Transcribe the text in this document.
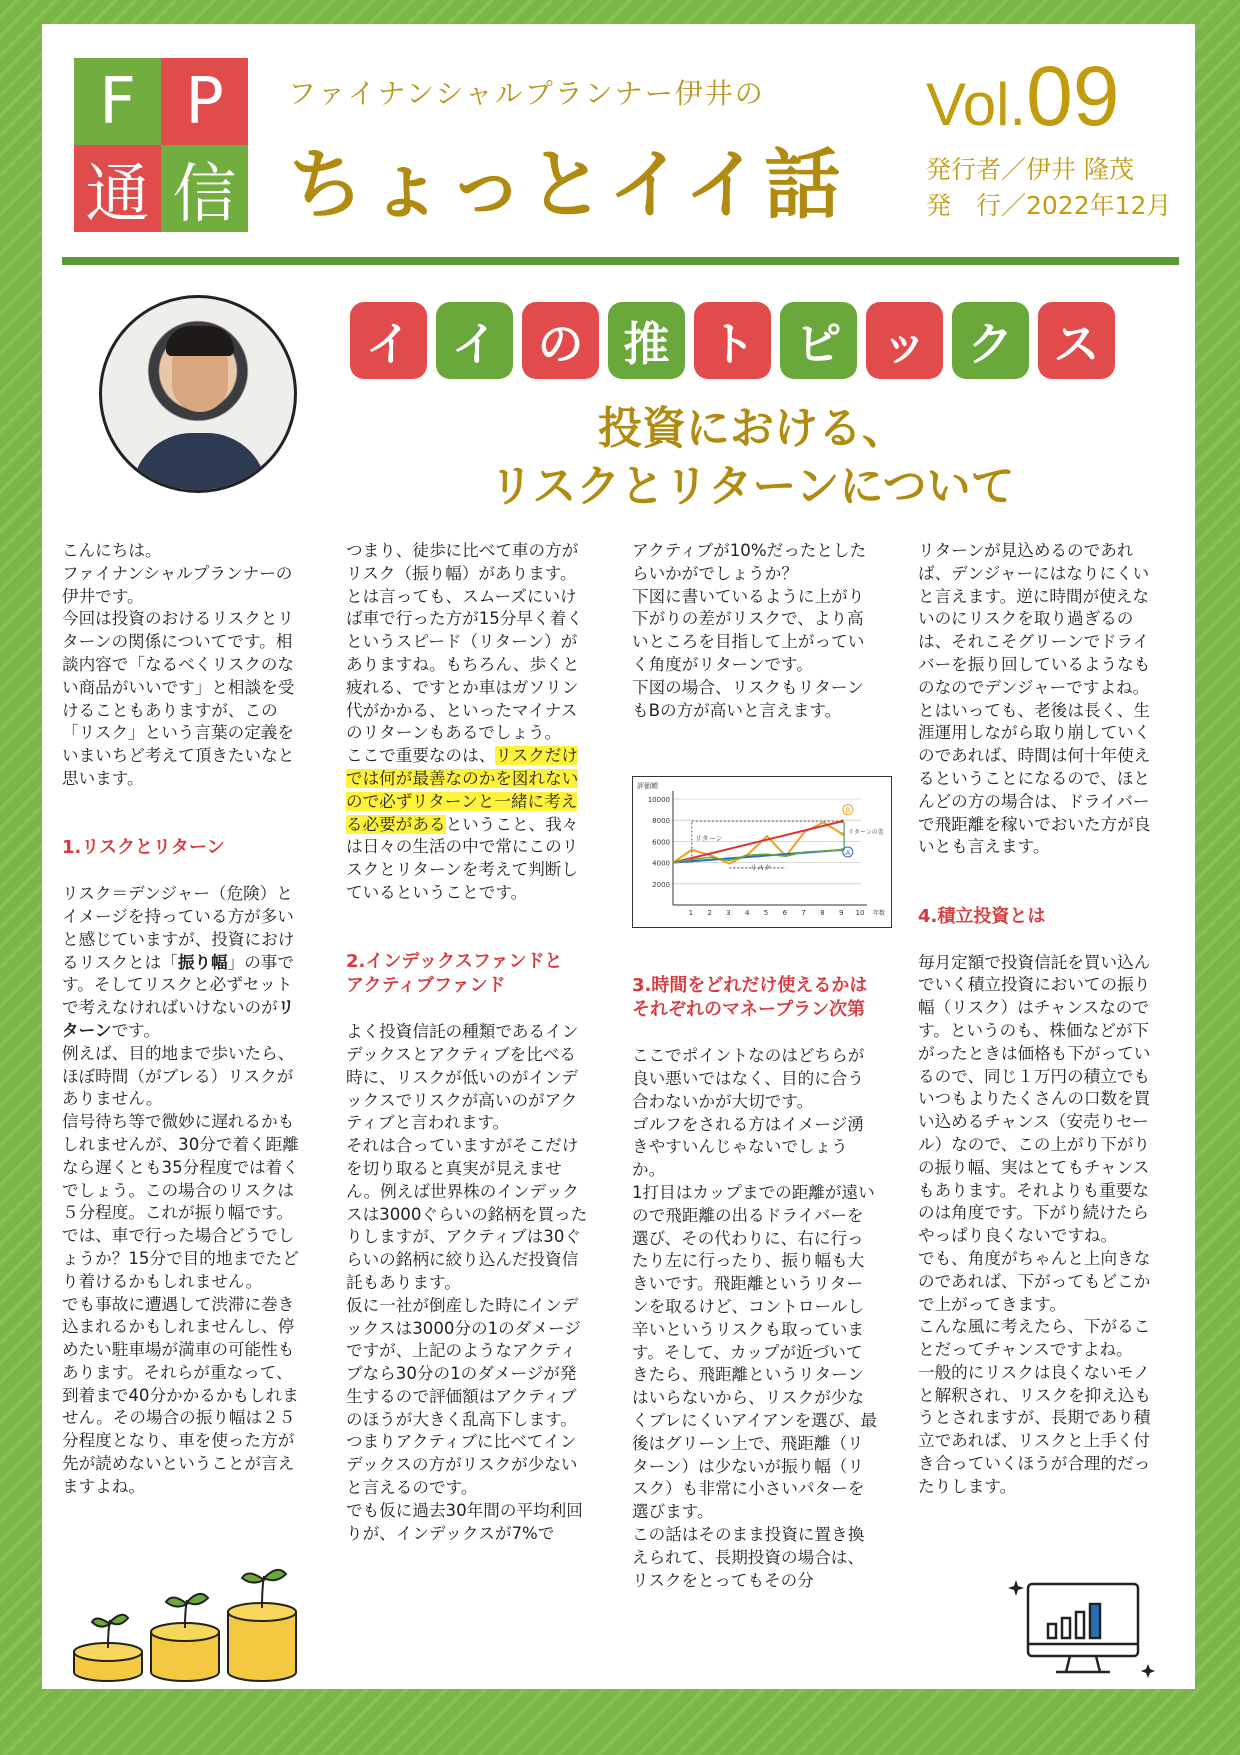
F P
通 信
ファイナンシャルプランナー伊井の
ちょっとイイ話
Vol.09
発行者／伊井 隆茂
発　行／2022年12月
イ イ の 推 ト ピ ッ ク ス
投資における、
リスクとリターンについて

こんにちは。

ファイナンシャルプランナーの伊井です。

今回は投資のおけるリスクとリターンの関係についてです。相談内容で「なるべくリスクのない商品がいいです」と相談を受けることもありますが、この「リスク」という言葉の定義をいまいちど考えて頂きたいなと思います。

1.リスクとリターン

リスク＝デンジャー（危険）とイメージを持っている方が多いと感じていますが、投資におけるリスクとは「振り幅」の事です。そしてリスクと必ずセットで考えなければいけないのがリターンです。

例えば、目的地まで歩いたら、ほぼ時間（がブレる）リスクがありません。

信号待ち等で微妙に遅れるかもしれませんが、30分で着く距離なら遅くとも35分程度では着くでしょう。この場合のリスクは５分程度。これが振り幅です。

では、車で行った場合どうでしょうか？15分で目的地までたどり着けるかもしれません。

でも事故に遭遇して渋滞に巻き込まれるかもしれませんし、停めたい駐車場が満車の可能性もあります。それらが重なって、到着まで40分かかるかもしれません。その場合の振り幅は２５分程度となり、車を使った方が先が読めないということが言えますよね。

つまり、徒歩に比べて車の方がリスク（振り幅）があります。とは言っても、スムーズにいけば車で行った方が15分早く着くというスピード（リターン）がありますね。もちろん、歩くと疲れる、ですとか車はガソリン代がかかる、といったマイナスのリターンもあるでしょう。

ここで重要なのは、リスクだけでは何が最善なのかを図れないので必ずリターンと一緒に考える必要があるということ、我々は日々の生活の中で常にこのリスクとリターンを考えて判断しているということです。

2.インデックスファンドと
アクティブファンド

よく投資信託の種類であるインデックスとアクティブを比べる時に、リスクが低いのがインデックスでリスクが高いのがアクティブと言われます。

それは合っていますがそこだけを切り取ると真実が見えません。例えば世界株のインデックスは3000ぐらいの銘柄を買ったりしますが、アクティブは30ぐらいの銘柄に絞り込んだ投資信託もあります。

仮に一社が倒産した時にインデックスは3000分の1のダメージですが、上記のようなアクティブなら30分の1のダメージが発生するので評価額はアクティブのほうが大きく乱高下します。

つまりアクティブに比べてインデックスの方がリスクが少ないと言えるのです。

でも仮に過去30年間の平均利回りが、インデックスが7%で

アクティブが10%だったとしたらいかがでしょうか？

下図に書いているように上がり下がりの差がリスクで、より高いところを目指して上がっていく角度がリターンです。

下図の場合、リスクもリターンもBの方が高いと言えます。

3.時間をどれだけ使えるかは
それぞれのマネープラン次第

ここでポイントなのはどちらが良い悪いではなく、目的に合う合わないかが大切です。

ゴルフをされる方はイメージ湧きやすいんじゃないでしょうか。

1打目はカップまでの距離が遠いので飛距離の出るドライバーを選び、その代わりに、右に行ったり左に行ったり、振り幅も大きいです。飛距離というリターンを取るけど、コントロールし辛いというリスクも取っています。そして、カップが近づいてきたら、飛距離というリターンはいらないから、リスクが少なくブレにくいアイアンを選び、最後はグリーン上で、飛距離（リターン）は少ないが振り幅（リスク）も非常に小さいパターを選びます。

この話はそのまま投資に置き換えられて、長期投資の場合は、リスクをとってもその分

2000
4000
6000
8000
10000
評価額
1 2 3 4 5 6 7 8 9 10 年数
リターン
リスク
リターンの差
A
B

リターンが見込めるのであれば、デンジャーにはなりにくいと言えます。逆に時間が使えないのにリスクを取り過ぎるのは、それこそグリーンでドライバーを振り回しているようなものなのでデンジャーですよね。とはいっても、老後は長く、生涯運用しながら取り崩していくのであれば、時間は何十年使えるということになるので、ほとんどの方の場合は、ドライバーで飛距離を稼いでおいた方が良いとも言えます。

4.積立投資とは

毎月定額で投資信託を買い込んでいく積立投資においての振り幅（リスク）はチャンスなのです。というのも、株価などが下がったときは価格も下がっているので、同じ１万円の積立でもいつもよりたくさんの口数を買い込めるチャンス（安売りセール）なので、この上がり下がりの振り幅、実はとてもチャンスもあります。それよりも重要なのは角度です。下がり続けたらやっぱり良くないですね。

でも、角度がちゃんと上向きなのであれば、下がってもどこかで上がってきます。

こんな風に考えたら、下がることだってチャンスですよね。

一般的にリスクは良くないモノと解釈され、リスクを抑え込もうとされますが、長期であり積立であれば、リスクと上手く付き合っていくほうが合理的だったりします。
